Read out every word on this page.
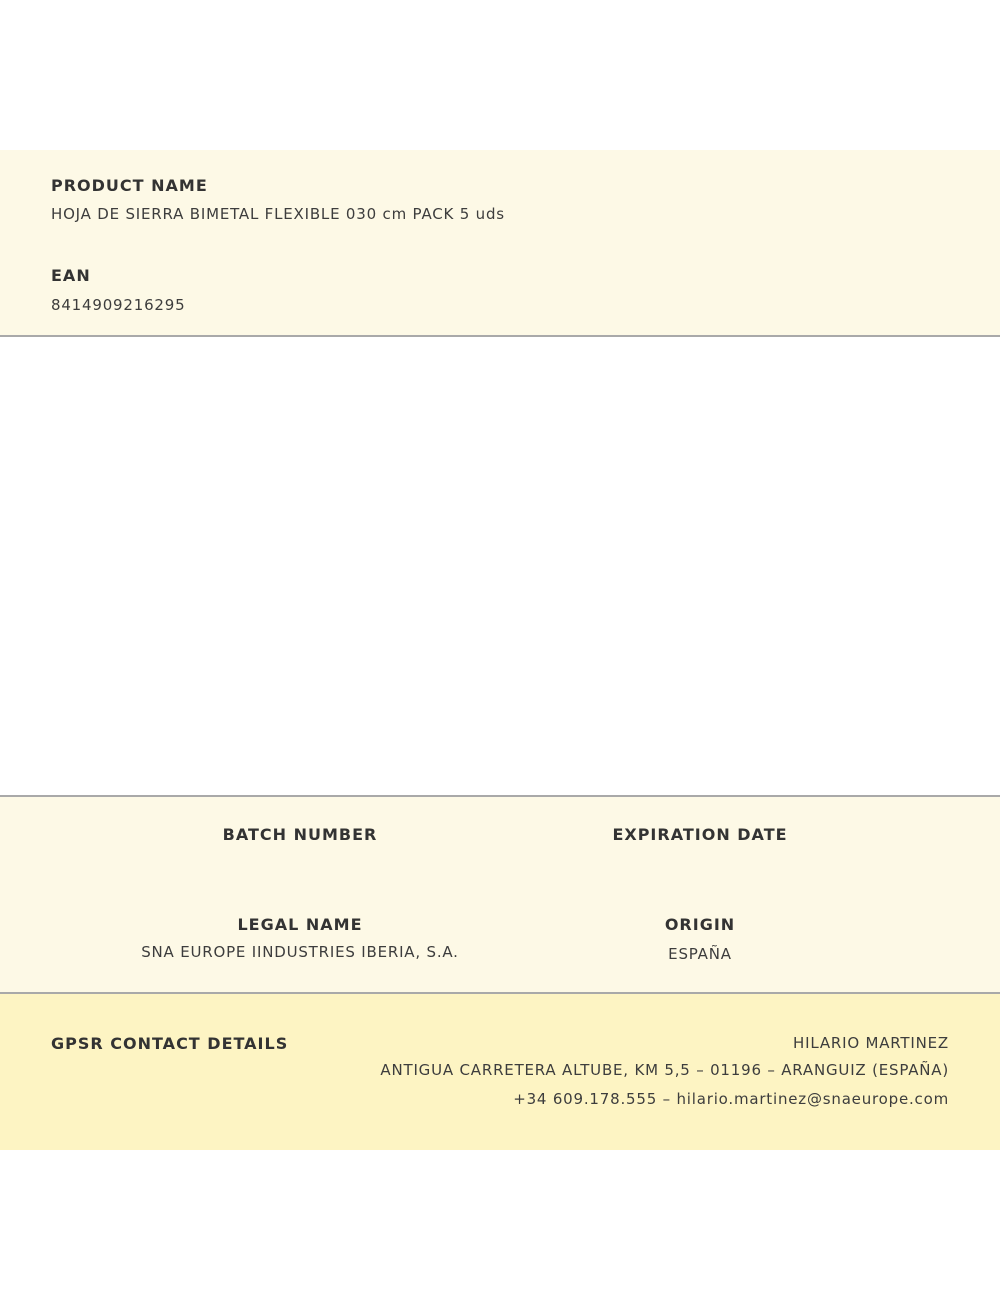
PRODUCT NAME
HOJA DE SIERRA BIMETAL FLEXIBLE 030 cm PACK 5 uds
EAN
8414909216295
BATCH NUMBER	EXPIRATION DATE
LEGAL NAME
SNA EUROPE IINDUSTRIES IBERIA, S.A.
ORIGIN
ESPAÑA
GPSR CONTACT DETAILS	HILARIO MARTINEZ
ANTIGUA CARRETERA ALTUBE, KM 5,5 – 01196 – ARANGUIZ (ESPAÑA)
+34 609.178.555 – hilario.martinez@snaeurope.com
